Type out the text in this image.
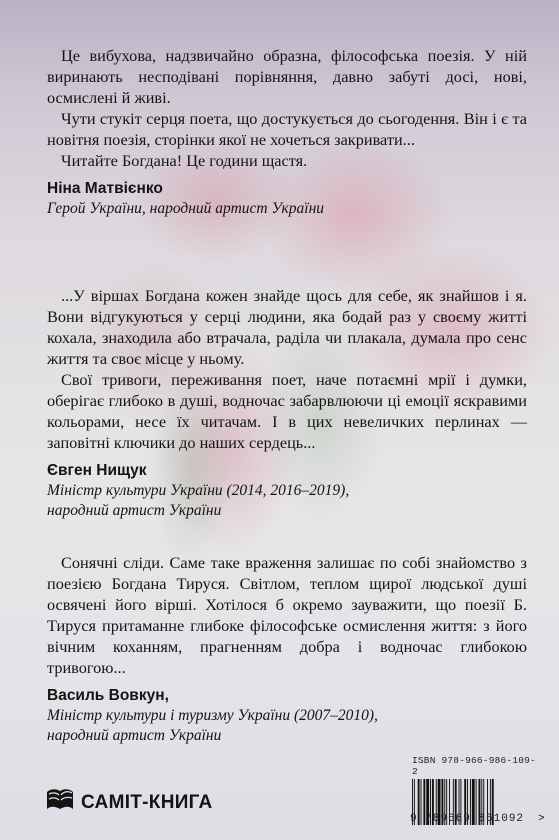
Це вибухова, надзвичайно образна, філософська поезія. У ній виринають несподівані порівняння, давно забуті досі, нові, осмислені й живі.

Чути стукіт серця поета, що достукується до сьогодення. Він і є та новітня поезія, сторінки якої не хочеться закривати...

Читайте Богдана! Це години щастя.

Ніна Матвієнко

Герой України, народний артист України

...У віршах Богдана кожен знайде щось для себе, як знайшов і я. Вони відгукуються у серці людини, яка бодай раз у своєму житті кохала, знаходила або втрачала, раділа чи плакала, думала про сенс життя та своє місце у ньому.

Свої тривоги, переживання поет, наче потаємні мрії і думки, оберігає глибоко в душі, водночас забарвлюючи ці емоції яскравими кольорами, несе їх читачам. І в цих невеличких перлинах — заповітні ключики до наших сердець...

Євген Нищук

Міністр культури України (2014, 2016–2019),

народний артист України

Сонячні сліди. Саме таке враження залишає по собі знайомство з поезією Богдана Тируся. Світлом, теплом щирої людської душі освячені його вірші. Хотілося б окремо зауважити, що поезії Б. Тируся притаманне глибоке філософське осмислення життя: з його вічним коханням, прагненням добра і водночас глибокою тривогою...

Василь Вовкун,

Міністр культури і туризму України (2007–2010),

народний артист України

САМІТ-КНИГА
ISBN 978-966-986-109-2
9 789669 861092 >
